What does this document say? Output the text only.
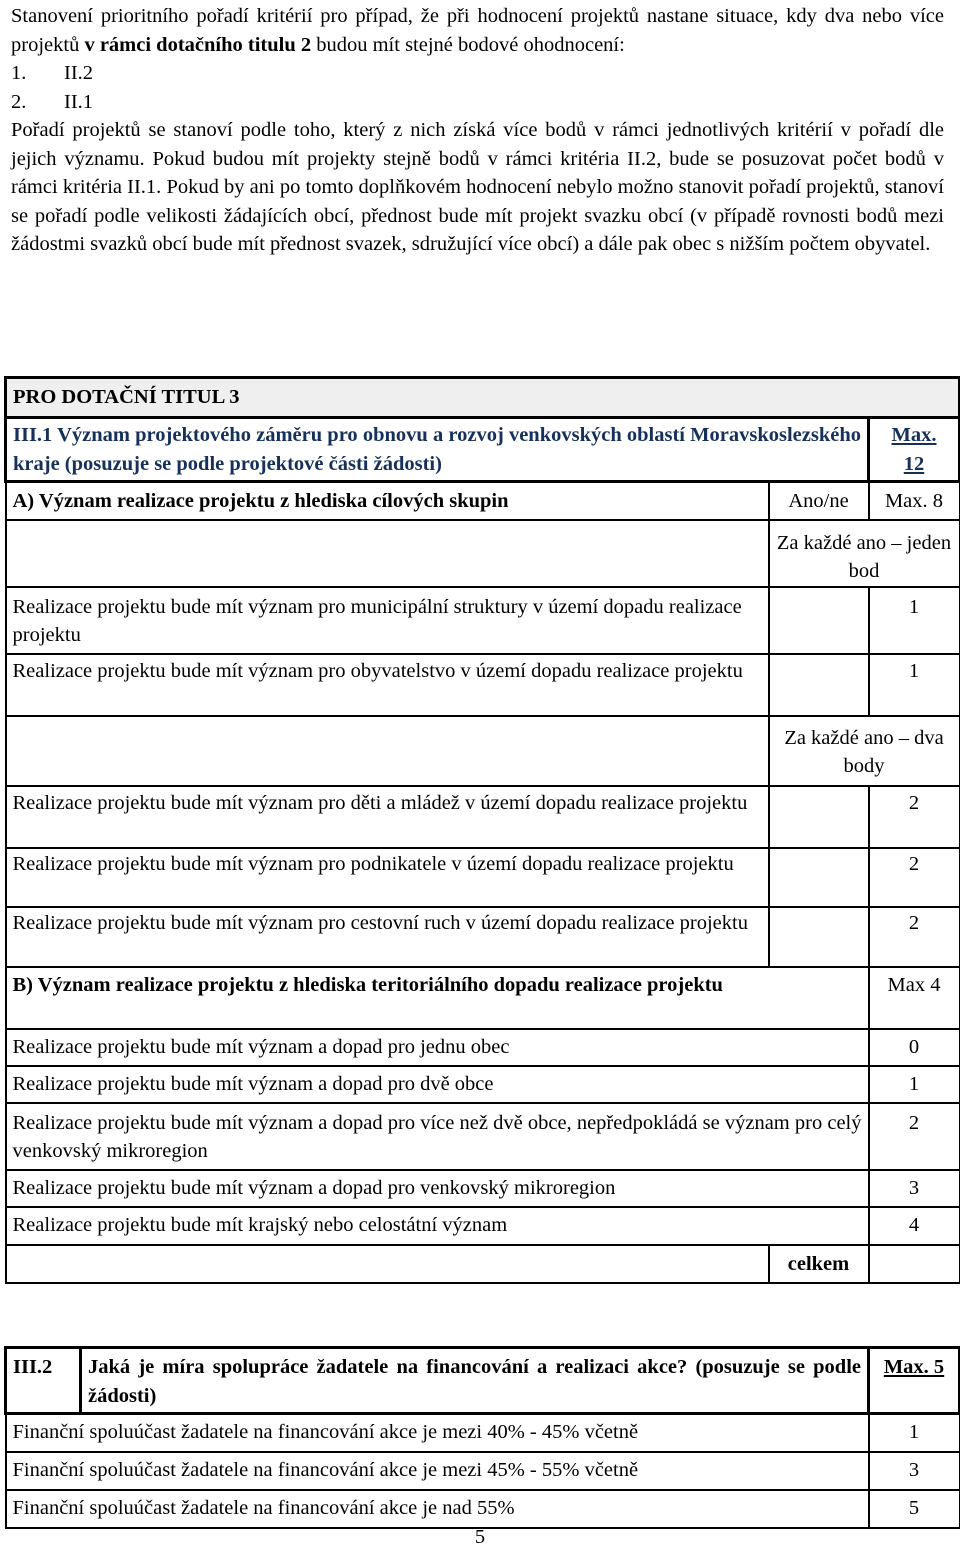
Stanovení prioritního pořadí kritérií pro případ, že při hodnocení projektů nastane situace, kdy dva nebo více projektů v rámci dotačního titulu 2 budou mít stejné bodové ohodnocení:

1. II.2
2. II.1

Pořadí projektů se stanoví podle toho, který z nich získá více bodů v rámci jednotlivých kritérií v pořadí dle jejich významu. Pokud budou mít projekty stejně bodů v rámci kritéria II.2, bude se posuzovat počet bodů v rámci kritéria II.1. Pokud by ani po tomto doplňkovém hodnocení nebylo možno stanovit pořadí projektů, stanoví se pořadí podle velikosti žádajících obcí, přednost bude mít projekt svazku obcí (v případě rovnosti bodů mezi žádostmi svazků obcí bude mít přednost svazek, sdružující více obcí) a dále pak obec s nižším počtem obyvatel.

PRO DOTAČNÍ TITUL 3		
III.1 Význam projektového záměru pro obnovu a rozvoj venkovských oblastí Moravskoslezského kraje (posuzuje se podle projektové části žádosti)		Max.
12
A) Význam realizace projektu z hlediska cílových skupin	Ano/ne	Max. 8
	Za každé ano – jeden bod	
Realizace projektu bude mít význam pro municipální struktury v území dopadu realizace projektu		1
Realizace projektu bude mít význam pro obyvatelstvo v území dopadu realizace projektu		1
	Za každé ano – dva body	
Realizace projektu bude mít význam pro děti a mládež v území dopadu realizace projektu		2
Realizace projektu bude mít význam pro podnikatele v území dopadu realizace projektu		2
Realizace projektu bude mít význam pro cestovní ruch v území dopadu realizace projektu		2
B) Význam realizace projektu z hlediska teritoriálního dopadu realizace projektu		Max 4
Realizace projektu bude mít význam a dopad pro jednu obec		0
Realizace projektu bude mít význam a dopad pro dvě obce		1
Realizace projektu bude mít význam a dopad pro více než dvě obce, nepředpokládá se význam pro celý venkovský mikroregion		2
Realizace projektu bude mít význam a dopad pro venkovský mikroregion		3
Realizace projektu bude mít krajský nebo celostátní význam		4
	celkem	
III.2	Jaká je míra spolupráce žadatele na financování a realizaci akce? (posuzuje se podle žádosti)	Max. 5
Finanční spoluúčast žadatele na financování akce je mezi 40% - 45% včetně		1
Finanční spoluúčast žadatele na financování akce je mezi 45% - 55% včetně		3
Finanční spoluúčast žadatele na financování akce je nad 55%		5
5
